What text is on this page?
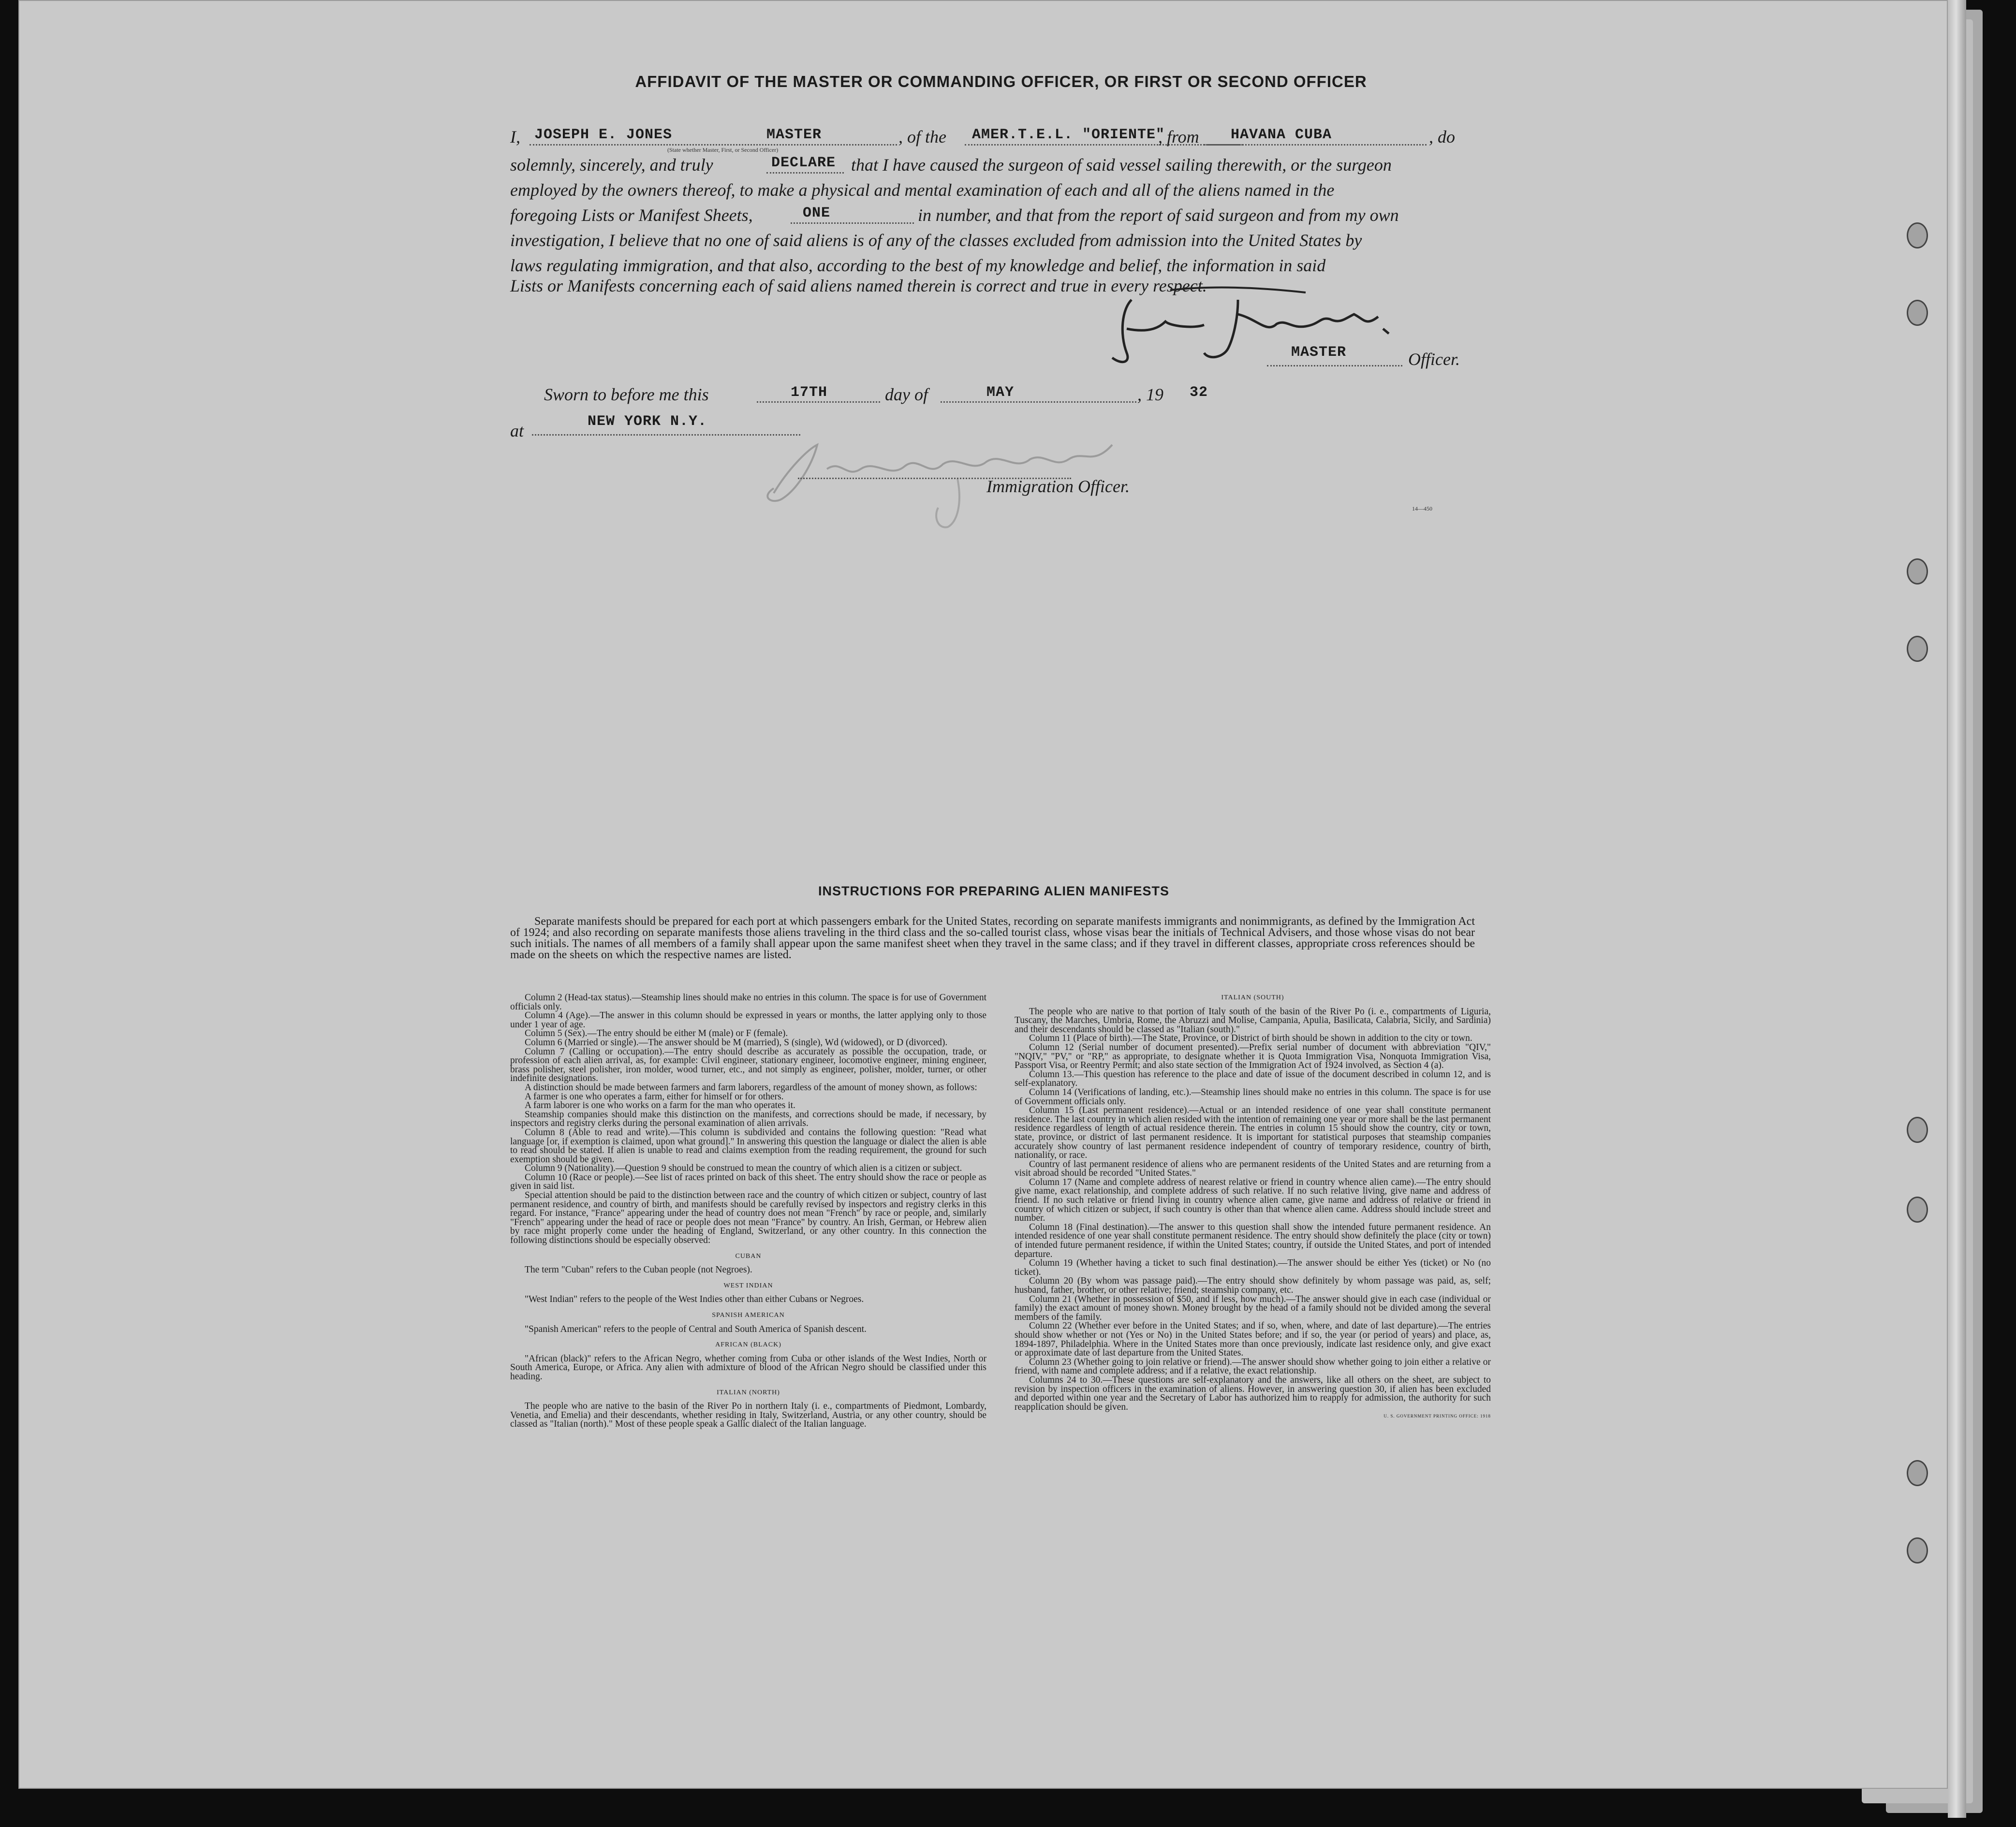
AFFIDAVIT OF THE MASTER OR COMMANDING OFFICER, OR FIRST OR SECOND OFFICER
I, JOSEPH E. JONES	MASTER
(State whether Master, First, or Second Officer)
, of the AMER.T.E.L. "ORIENTE"
, from HAVANA CUBA	, do
solemnly, sincerely, and truly	DECLARE that I have caused the surgeon of said vessel sailing therewith, or the surgeon
employed by the owners thereof, to make a physical and mental examination of each and all of the aliens named in the
foregoing Lists or Manifest Sheets,	ONE	in number, and that from the report of said surgeon and from my own
investigation, I believe that no one of said aliens is of any of the classes excluded from admission into the United States by
laws regulating immigration, and that also, according to the best of my knowledge and belief, the information in said
Lists or Manifests concerning each of said aliens named therein is correct and true in every respect.
MASTER	Officer.
Sworn to before me this	17TH	day of	MAY	, 19 32
at	NEW YORK N.Y.
Immigration Officer.
14—450
INSTRUCTIONS FOR PREPARING ALIEN MANIFESTS
Separate manifests should be prepared for each port at which passengers embark for the United States, recording on separate manifests immigrants and nonimmigrants, as defined by the Immigration Act of 1924; and also recording on separate manifests those aliens traveling in the third class and the so-called tourist class, whose visas bear the initials of Technical Advisers, and those whose visas do not bear such initials. The names of all members of a family shall appear upon the same manifest sheet when they travel in the same class; and if they travel in different classes, appropriate cross references should be made on the sheets on which the respective names are listed.

Column 2 (Head-tax status).—Steamship lines should make no entries in this column. The space is for use of Government officials only.

Column 4 (Age).—The answer in this column should be expressed in years or months, the latter applying only to those under 1 year of age.

Column 5 (Sex).—The entry should be either M (male) or F (female).

Column 6 (Married or single).—The answer should be M (married), S (single), Wd (widowed), or D (divorced).

Column 7 (Calling or occupation).—The entry should describe as accurately as possible the occupation, trade, or profession of each alien arrival, as, for example: Civil engineer, stationary engineer, locomotive engineer, mining engineer, brass polisher, steel polisher, iron molder, wood turner, etc., and not simply as engineer, polisher, molder, turner, or other indefinite designations.

A distinction should be made between farmers and farm laborers, regardless of the amount of money shown, as follows:

A farmer is one who operates a farm, either for himself or for others.

A farm laborer is one who works on a farm for the man who operates it.

Steamship companies should make this distinction on the manifests, and corrections should be made, if necessary, by inspectors and registry clerks during the personal examination of alien arrivals.

Column 8 (Able to read and write).—This column is subdivided and contains the following question: "Read what language [or, if exemption is claimed, upon what ground]." In answering this question the language or dialect the alien is able to read should be stated. If alien is unable to read and claims exemption from the reading requirement, the ground for such exemption should be given.

Column 9 (Nationality).—Question 9 should be construed to mean the country of which alien is a citizen or subject.

Column 10 (Race or people).—See list of races printed on back of this sheet. The entry should show the race or people as given in said list.

Special attention should be paid to the distinction between race and the country of which citizen or subject, country of last permanent residence, and country of birth, and manifests should be carefully revised by inspectors and registry clerks in this regard. For instance, "France" appearing under the head of country does not mean "French" by race or people, and, similarly "French" appearing under the head of race or people does not mean "France" by country. An Irish, German, or Hebrew alien by race might properly come under the heading of England, Switzerland, or any other country. In this connection the following distinctions should be especially observed:

CUBAN

The term "Cuban" refers to the Cuban people (not Negroes).

WEST INDIAN

"West Indian" refers to the people of the West Indies other than either Cubans or Negroes.

SPANISH AMERICAN

"Spanish American" refers to the people of Central and South America of Spanish descent.

AFRICAN (BLACK)

"African (black)" refers to the African Negro, whether coming from Cuba or other islands of the West Indies, North or South America, Europe, or Africa. Any alien with admixture of blood of the African Negro should be classified under this heading.

ITALIAN (NORTH)

The people who are native to the basin of the River Po in northern Italy (i. e., compartments of Piedmont, Lombardy, Venetia, and Emelia) and their descendants, whether residing in Italy, Switzerland, Austria, or any other country, should be classed as "Italian (north)." Most of these people speak a Gallic dialect of the Italian language.

ITALIAN (SOUTH)

The people who are native to that portion of Italy south of the basin of the River Po (i. e., compartments of Liguria, Tuscany, the Marches, Umbria, Rome, the Abruzzi and Molise, Campania, Apulia, Basilicata, Calabria, Sicily, and Sardinia) and their descendants should be classed as "Italian (south)."

Column 11 (Place of birth).—The State, Province, or District of birth should be shown in addition to the city or town.

Column 12 (Serial number of document presented).—Prefix serial number of document with abbreviation "QIV," "NQIV," "PV," or "RP," as appropriate, to designate whether it is Quota Immigration Visa, Nonquota Immigration Visa, Passport Visa, or Reentry Permit; and also state section of the Immigration Act of 1924 involved, as Section 4 (a).

Column 13.—This question has reference to the place and date of issue of the document described in column 12, and is self-explanatory.

Column 14 (Verifications of landing, etc.).—Steamship lines should make no entries in this column. The space is for use of Government officials only.

Column 15 (Last permanent residence).—Actual or an intended residence of one year shall constitute permanent residence. The last country in which alien resided with the intention of remaining one year or more shall be the last permanent residence regardless of length of actual residence therein. The entries in column 15 should show the country, city or town, state, province, or district of last permanent residence. It is important for statistical purposes that steamship companies accurately show country of last permanent residence independent of country of temporary residence, country of birth, nationality, or race.

Country of last permanent residence of aliens who are permanent residents of the United States and are returning from a visit abroad should be recorded "United States."

Column 17 (Name and complete address of nearest relative or friend in country whence alien came).—The entry should give name, exact relationship, and complete address of such relative. If no such relative living, give name and address of friend. If no such relative or friend living in country whence alien came, give name and address of relative or friend in country of which citizen or subject, if such country is other than that whence alien came. Address should include street and number.

Column 18 (Final destination).—The answer to this question shall show the intended future permanent residence. An intended residence of one year shall constitute permanent residence. The entry should show definitely the place (city or town) of intended future permanent residence, if within the United States; country, if outside the United States, and port of intended departure.

Column 19 (Whether having a ticket to such final destination).—The answer should be either Yes (ticket) or No (no ticket).

Column 20 (By whom was passage paid).—The entry should show definitely by whom passage was paid, as, self; husband, father, brother, or other relative; friend; steamship company, etc.

Column 21 (Whether in possession of $50, and if less, how much).—The answer should give in each case (individual or family) the exact amount of money shown. Money brought by the head of a family should not be divided among the several members of the family.

Column 22 (Whether ever before in the United States; and if so, when, where, and date of last departure).—The entries should show whether or not (Yes or No) in the United States before; and if so, the year (or period of years) and place, as, 1894-1897, Philadelphia. Where in the United States more than once previously, indicate last residence only, and give exact or approximate date of last departure from the United States.

Column 23 (Whether going to join relative or friend).—The answer should show whether going to join either a relative or friend, with name and complete address; and if a relative, the exact relationship.

Columns 24 to 30.—These questions are self-explanatory and the answers, like all others on the sheet, are subject to revision by inspection officers in the examination of aliens. However, in answering question 30, if alien has been excluded and deported within one year and the Secretary of Labor has authorized him to reapply for admission, the authority for such reapplication should be given.

U. S. GOVERNMENT PRINTING OFFICE: 1918
